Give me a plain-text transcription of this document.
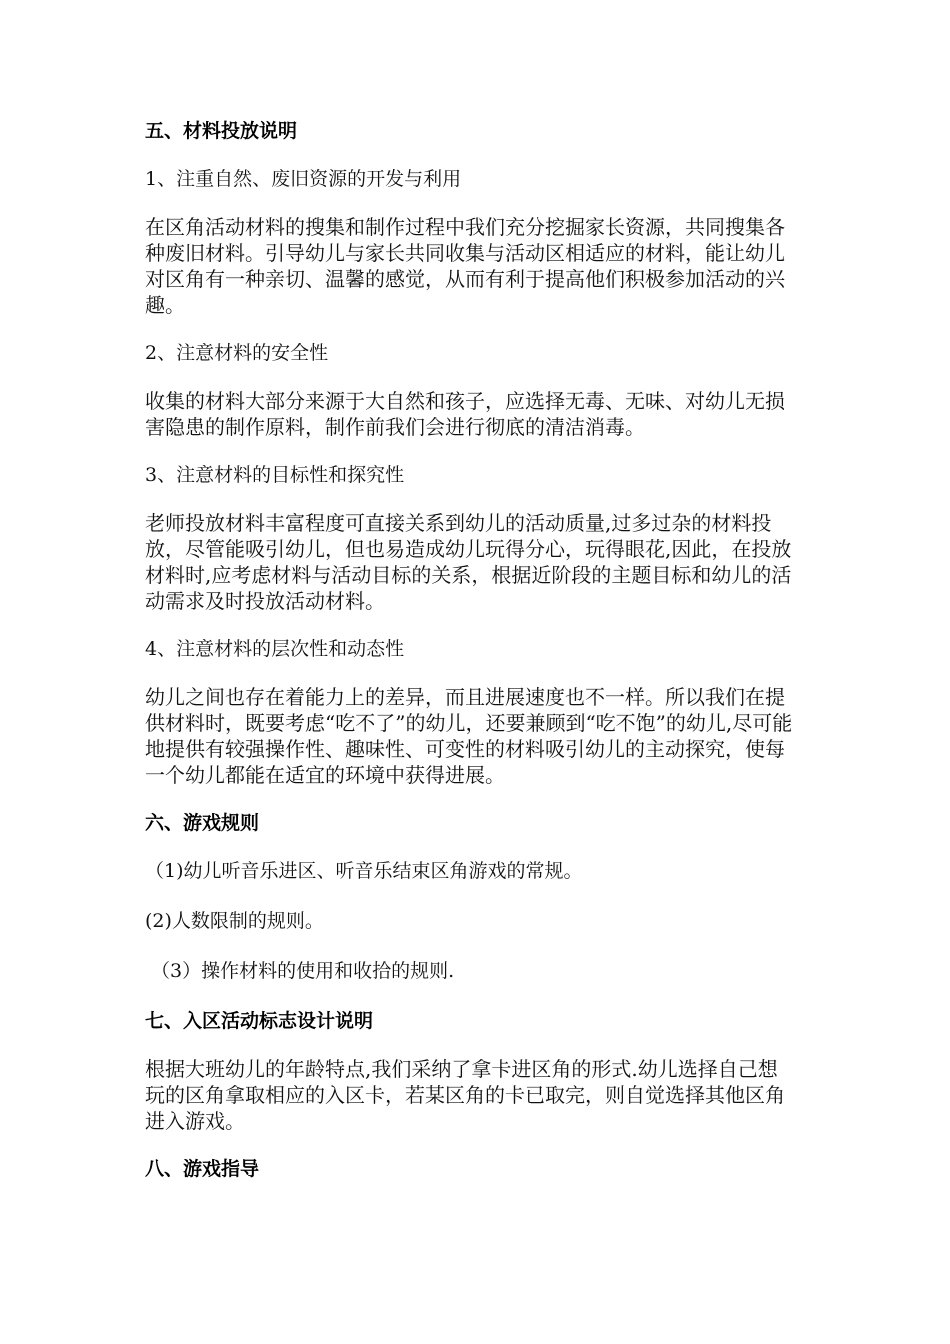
五、材料投放说明
1、注重自然、废旧资源的开发与利用
在区角活动材料的搜集和制作过程中我们充分挖掘家长资源，共同搜集各种废旧材料。引导幼儿与家长共同收集与活动区相适应的材料，能让幼儿对区角有一种亲切、温馨的感觉，从而有利于提高他们积极参加活动的兴趣。
2、注意材料的安全性
收集的材料大部分来源于大自然和孩子，应选择无毒、无味、对幼儿无损害隐患的制作原料，制作前我们会进行彻底的清洁消毒。
3、注意材料的目标性和探究性
老师投放材料丰富程度可直接关系到幼儿的活动质量,过多过杂的材料投放，尽管能吸引幼儿，但也易造成幼儿玩得分心，玩得眼花,因此，在投放材料时,应考虑材料与活动目标的关系，根据近阶段的主题目标和幼儿的活动需求及时投放活动材料。
4、注意材料的层次性和动态性
幼儿之间也存在着能力上的差异，而且进展速度也不一样。所以我们在提供材料时，既要考虑“吃不了”的幼儿，还要兼顾到“吃不饱”的幼儿,尽可能地提供有较强操作性、趣味性、可变性的材料吸引幼儿的主动探究，使每一个幼儿都能在适宜的环境中获得进展。
六、游戏规则
（1)幼儿听音乐进区、听音乐结束区角游戏的常规。
(2)人数限制的规则。
（3）操作材料的使用和收拾的规则.
七、入区活动标志设计说明
根据大班幼儿的年龄特点,我们采纳了拿卡进区角的形式.幼儿选择自己想玩的区角拿取相应的入区卡，若某区角的卡已取完，则自觉选择其他区角进入游戏。
八、游戏指导
